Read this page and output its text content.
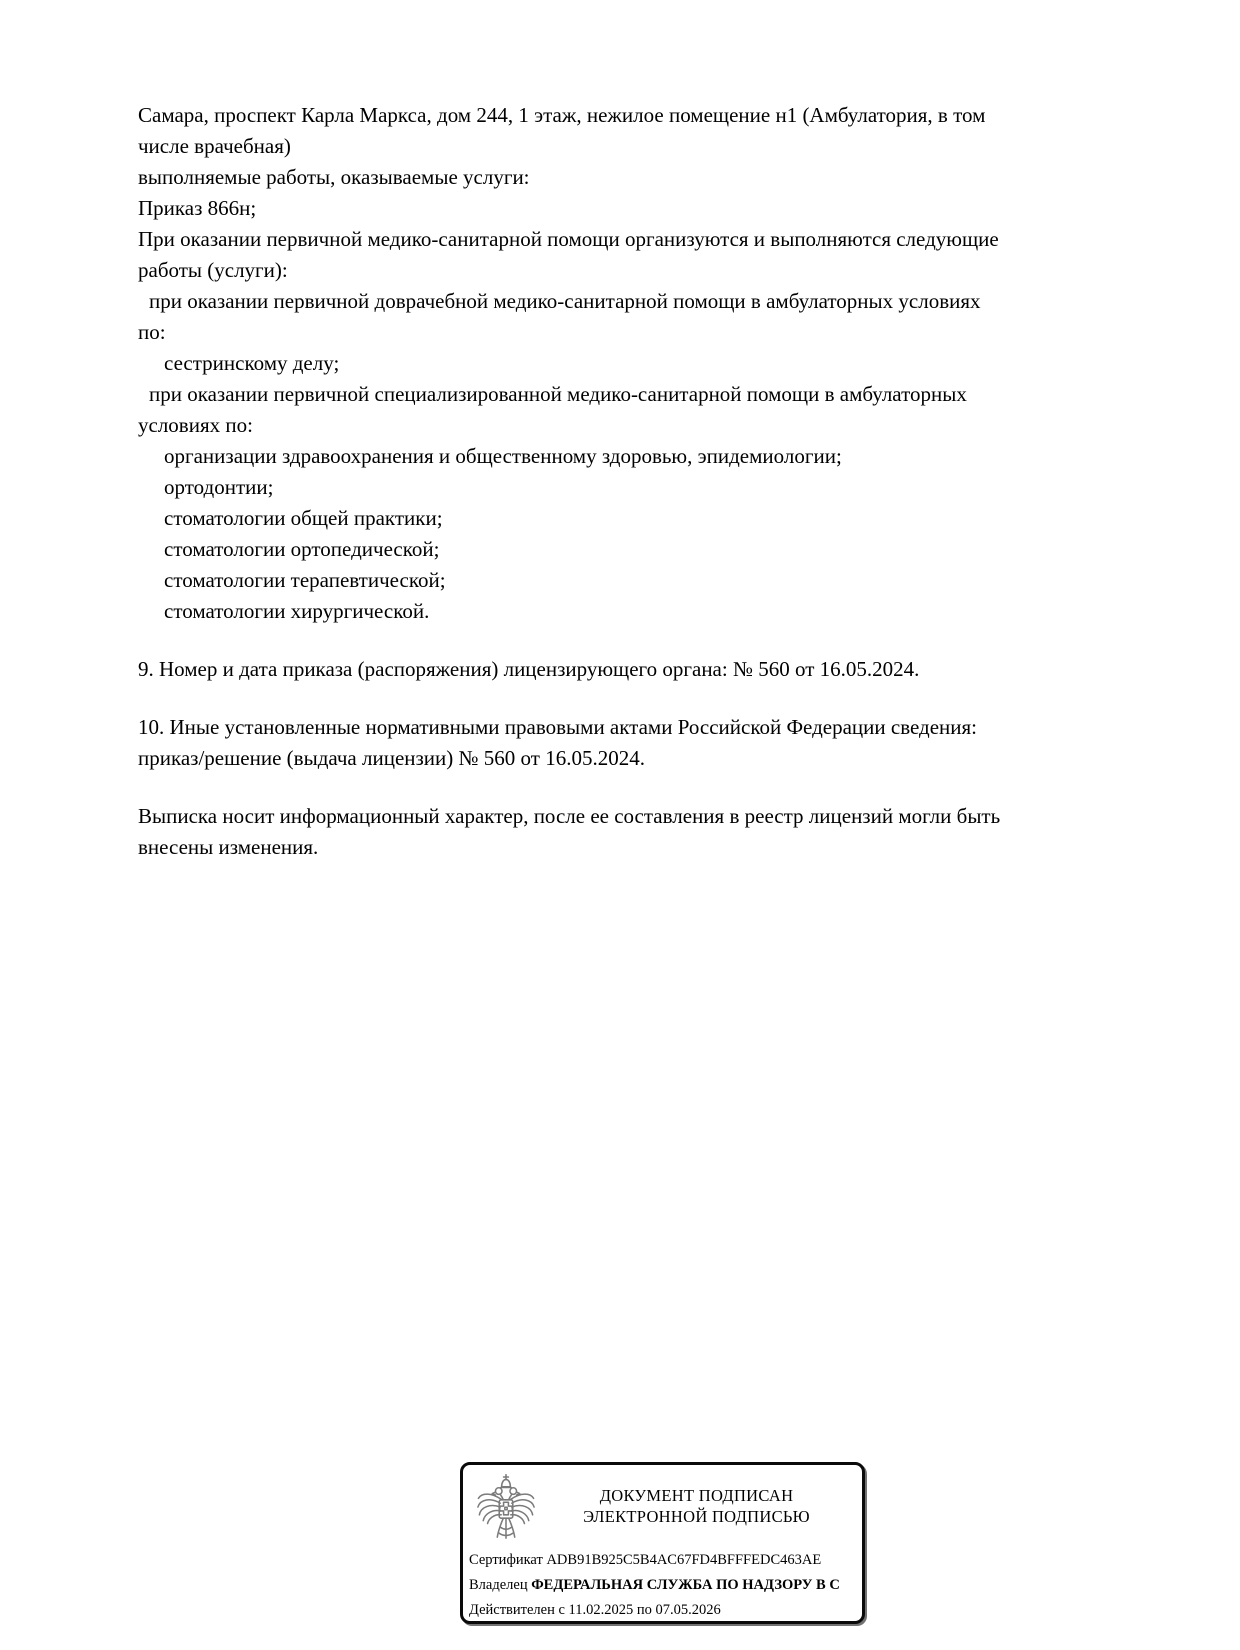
Самара, проспект Карла Маркса, дом 244, 1 этаж, нежилое помещение н1 (Амбулатория, в том
числе врачебная)
выполняемые работы, оказываемые услуги:
Приказ 866н;
При оказании первичной медико-санитарной помощи организуются и выполняются следующие
работы (услуги):
при оказании первичной доврачебной медико-санитарной помощи в амбулаторных условиях
по:
сестринскому делу;
при оказании первичной специализированной медико-санитарной помощи в амбулаторных
условиях по:
организации здравоохранения и общественному здоровью, эпидемиологии;
ортодонтии;
стоматологии общей практики;
стоматологии ортопедической;
стоматологии терапевтической;
стоматологии хирургической.
9. Номер и дата приказа (распоряжения) лицензирующего органа: № 560 от 16.05.2024.
10. Иные установленные нормативными правовыми актами Российской Федерации сведения:
приказ/решение (выдача лицензии) № 560 от 16.05.2024.
Выписка носит информационный характер, после ее составления в реестр лицензий могли быть
внесены изменения.
ДОКУМЕНТ ПОДПИСАН
ЭЛЕКТРОННОЙ ПОДПИСЬЮ
Сертификат ADB91B925C5B4AC67FD4BFFFEDC463AE
Владелец ФЕДЕРАЛЬНАЯ СЛУЖБА ПО НАДЗОРУ В С
Действителен с 11.02.2025 по 07.05.2026
